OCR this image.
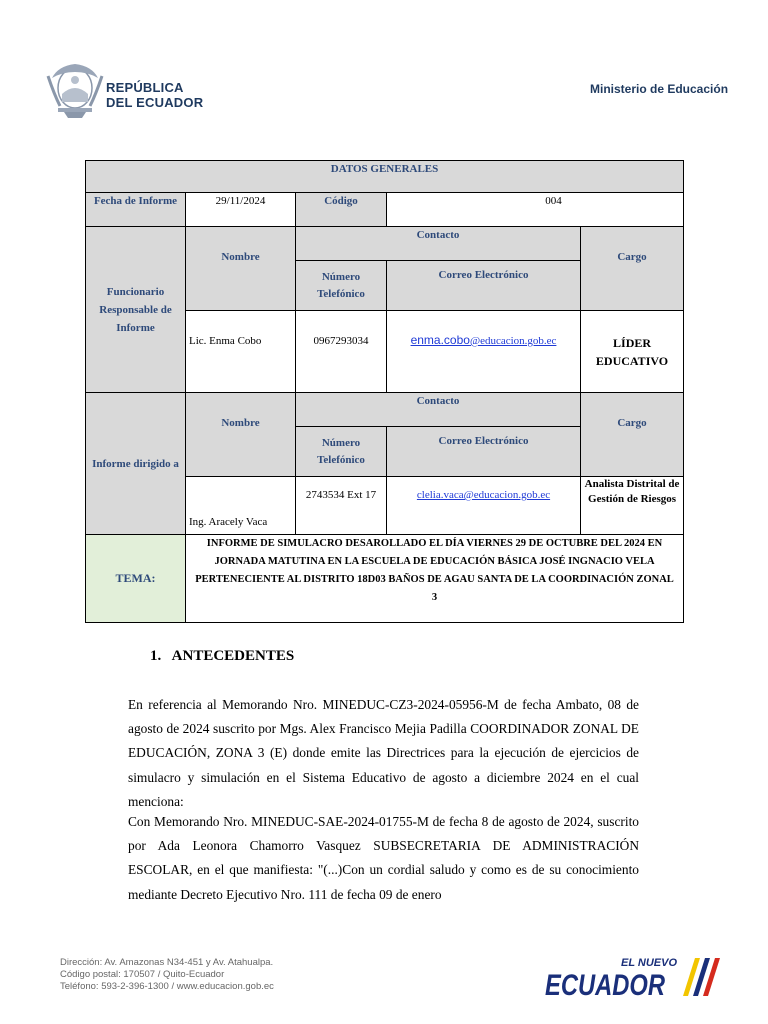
REPÚBLICA
DEL ECUADOR
Ministerio de Educación
DATOS GENERALES				
Fecha de Informe	29/11/2024	Código	004	
Funcionario Responsable de Informe	Nombre	Contacto		Cargo
		Número Telefónico	Correo Electrónico	
	Lic. Enma Cobo	0967293034	enma.cobo@educacion.gob.ec	LÍDER EDUCATIVO
Informe dirigido a	Nombre	Contacto		Cargo
		Número Telefónico	Correo Electrónico	
	Ing. Aracely Vaca	2743534 Ext 17	clelia.vaca@educacion.gob.ec	Analista Distrital de Gestión de Riesgos
TEMA:	INFORME DE SIMULACRO DESAROLLADO EL DÍA VIERNES 29 DE OCTUBRE DEL 2024 EN JORNADA MATUTINA EN LA ESCUELA DE EDUCACIÓN BÁSICA JOSÉ INGNACIO VELA PERTENECIENTE AL DISTRITO 18D03 BAÑOS DE AGAU SANTA DE LA COORDINACIÓN ZONAL 3			
1.   ANTECEDENTES
En referencia al Memorando Nro. MINEDUC-CZ3-2024-05956-M de fecha Ambato, 08 de agosto de 2024 suscrito por Mgs. Alex Francisco Mejia Padilla COORDINADOR ZONAL DE EDUCACIÓN, ZONA 3 (E) donde emite las Directrices para la ejecución de ejercicios de simulacro y simulación en el Sistema Educativo de agosto a diciembre 2024 en el cual menciona:
Con Memorando Nro. MINEDUC-SAE-2024-01755-M de fecha 8 de agosto de 2024, suscrito por Ada Leonora Chamorro Vasquez SUBSECRETARIA DE ADMINISTRACIÓN ESCOLAR, en el que manifiesta: "(...)Con un cordial saludo y como es de su conocimiento mediante Decreto Ejecutivo Nro. 111 de fecha 09 de enero
Dirección: Av. Amazonas N34-451 y Av. Atahualpa.
Código postal: 170507 / Quito-Ecuador
Teléfono: 593-2-396-1300 / www.educacion.gob.ec
EL NUEVO
ECUADOR
